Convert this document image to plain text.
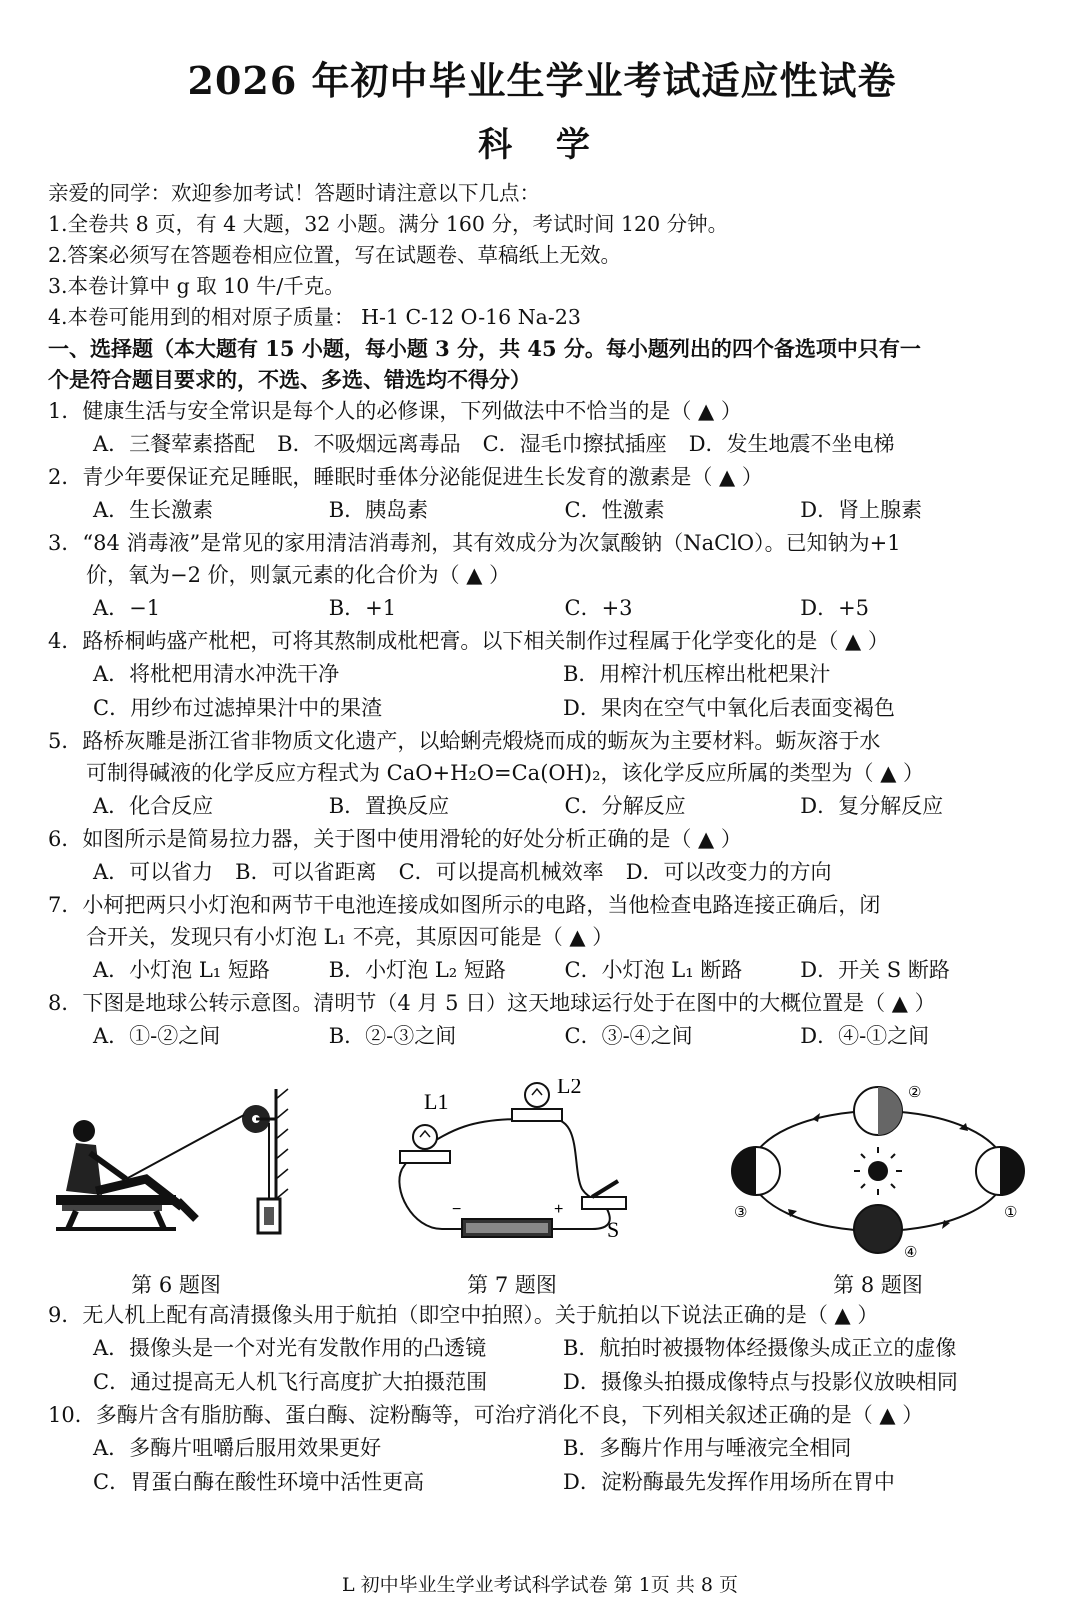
2026 年初中毕业生学业考试适应性试卷
科 学
亲爱的同学：欢迎参加考试！答题时请注意以下几点：
1.全卷共 8 页，有 4 大题，32 小题。满分 160 分，考试时间 120 分钟。
2.答案必须写在答题卷相应位置，写在试题卷、草稿纸上无效。
3.本卷计算中 g 取 10 牛/千克。
4.本卷可能用到的相对原子质量： H-1 C-12 O-16 Na-23
一、选择题（本大题有 15 小题，每小题 3 分，共 45 分。每小题列出的四个备选项中只有一
个是符合题目要求的，不选、多选、错选均不得分）
1．健康生活与安全常识是每个人的必修课，下列做法中不恰当的是（ ▲ ）
A．三餐荤素搭配 B．不吸烟远离毒品 C．湿毛巾擦拭插座 D．发生地震不坐电梯
2．青少年要保证充足睡眠，睡眠时垂体分泌能促进生长发育的激素是（ ▲ ）
A．生长激素	B．胰岛素	C．性激素	D．肾上腺素
3．“84 消毒液”是常见的家用清洁消毒剂，其有效成分为次氯酸钠（NaClO）。已知钠为+1
价，氧为−2 价，则氯元素的化合价为（ ▲ ）
A．−1	B．+1	C．+3	D．+5
4．路桥桐屿盛产枇杷，可将其熬制成枇杷膏。以下相关制作过程属于化学变化的是（ ▲ ）
A．将枇杷用清水冲洗干净	B．用榨汁机压榨出枇杷果汁
C．用纱布过滤掉果汁中的果渣	D．果肉在空气中氧化后表面变褐色
5．路桥灰雕是浙江省非物质文化遗产，以蛤蜊壳煅烧而成的蛎灰为主要材料。蛎灰溶于水
可制得碱液的化学反应方程式为 CaO+H₂O=Ca(OH)₂，该化学反应所属的类型为（ ▲ ）
A．化合反应	B．置换反应	C．分解反应	D．复分解反应
6．如图所示是简易拉力器，关于图中使用滑轮的好处分析正确的是（ ▲ ）
A．可以省力 B．可以省距离 C．可以提高机械效率 D．可以改变力的方向
7．小柯把两只小灯泡和两节干电池连接成如图所示的电路，当他检查电路连接正确后，闭
合开关，发现只有小灯泡 L₁ 不亮，其原因可能是（ ▲ ）
A．小灯泡 L₁ 短路	B．小灯泡 L₂ 短路	C．小灯泡 L₁ 断路	D．开关 S 断路
8．下图是地球公转示意图。清明节（4 月 5 日）这天地球运行处于在图中的大概位置是（ ▲ ）
A．①-②之间	B．②-③之间	C．③-④之间	D．④-①之间
第 6 题图
L1
L2
−	+
S
第 7 题图
②
③	①
④
第 8 题图
9．无人机上配有高清摄像头用于航拍（即空中拍照）。关于航拍以下说法正确的是（ ▲ ）
A．摄像头是一个对光有发散作用的凸透镜	B．航拍时被摄物体经摄像头成正立的虚像
C．通过提高无人机飞行高度扩大拍摄范围	D．摄像头拍摄成像特点与投影仪放映相同
10．多酶片含有脂肪酶、蛋白酶、淀粉酶等，可治疗消化不良，下列相关叙述正确的是（ ▲ ）
A．多酶片咀嚼后服用效果更好	B．多酶片作用与唾液完全相同
C．胃蛋白酶在酸性环境中活性更高	D．淀粉酶最先发挥作用场所在胃中
L 初中毕业生学业考试科学试卷 第 1页 共 8 页
